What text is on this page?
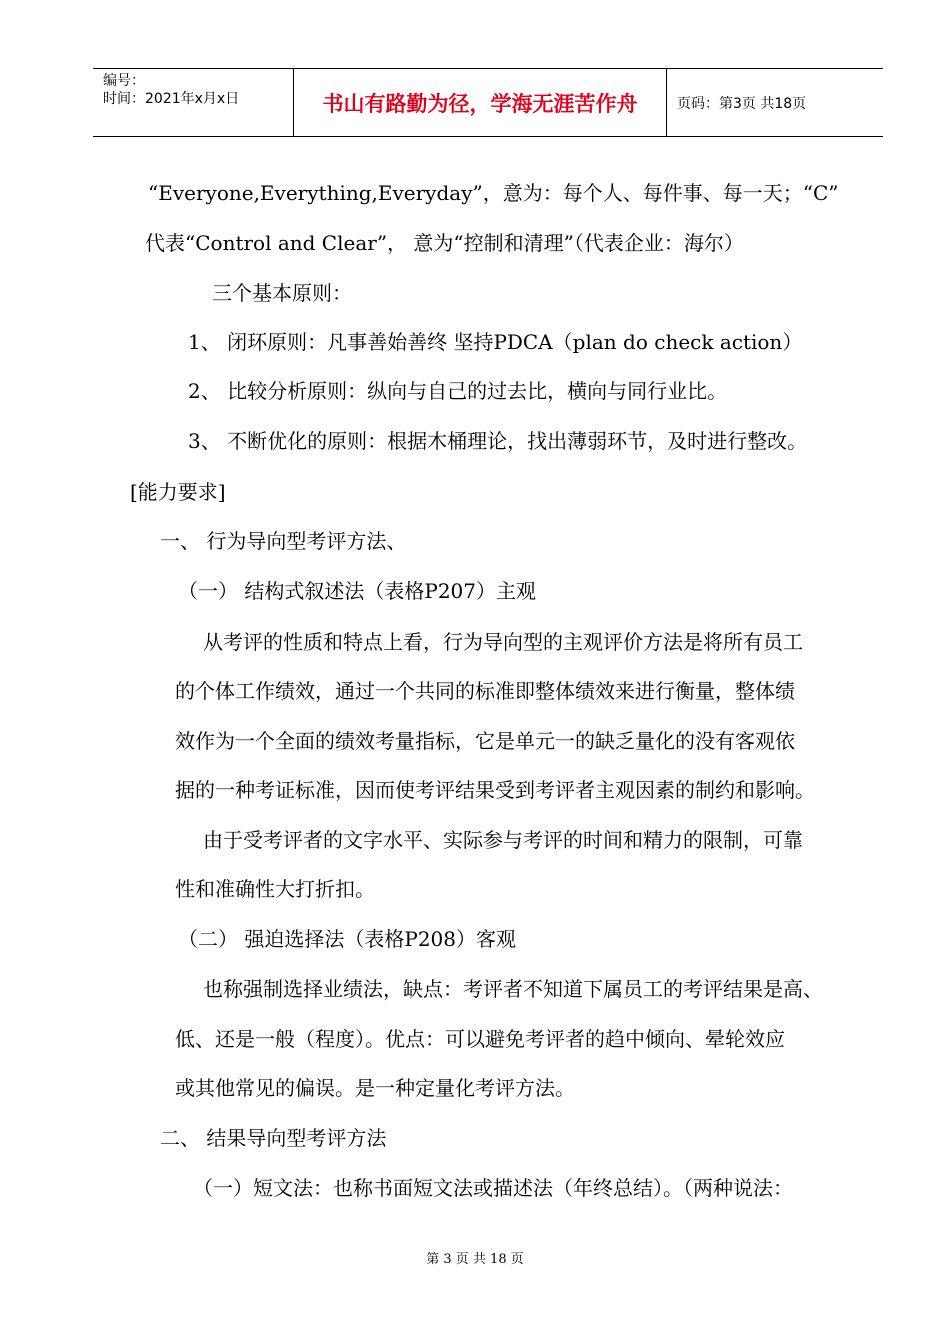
编号：
时间：2021年x月x日	书山有路勤为径，学海无涯苦作舟	页码：第3页 共18页
“Everyone,Everything,Everyday”，意为：每个人、每件事、每一天；“C”
代表“Control and Clear”， 意为“控制和清理”（代表企业：海尔）
三个基本原则：
1、 闭环原则：凡事善始善终 坚持PDCA（plan do check action）
2、 比较分析原则：纵向与自己的过去比，横向与同行业比。
3、 不断优化的原则：根据木桶理论，找出薄弱环节，及时进行整改。
[能力要求]
一、 行为导向型考评方法、
（一） 结构式叙述法（表格P207）主观
从考评的性质和特点上看，行为导向型的主观评价方法是将所有员工
的个体工作绩效，通过一个共同的标准即整体绩效来进行衡量，整体绩
效作为一个全面的绩效考量指标，它是单元一的缺乏量化的没有客观依
据的一种考证标准，因而使考评结果受到考评者主观因素的制约和影响。
由于受考评者的文字水平、实际参与考评的时间和精力的限制，可靠
性和准确性大打折扣。
（二） 强迫选择法（表格P208）客观
也称强制选择业绩法，缺点：考评者不知道下属员工的考评结果是高、
低、还是一般（程度）。优点：可以避免考评者的趋中倾向、晕轮效应
或其他常见的偏误。是一种定量化考评方法。
二、 结果导向型考评方法
（一）短文法：也称书面短文法或描述法（年终总结）。（两种说法：
第 3 页 共 18 页
